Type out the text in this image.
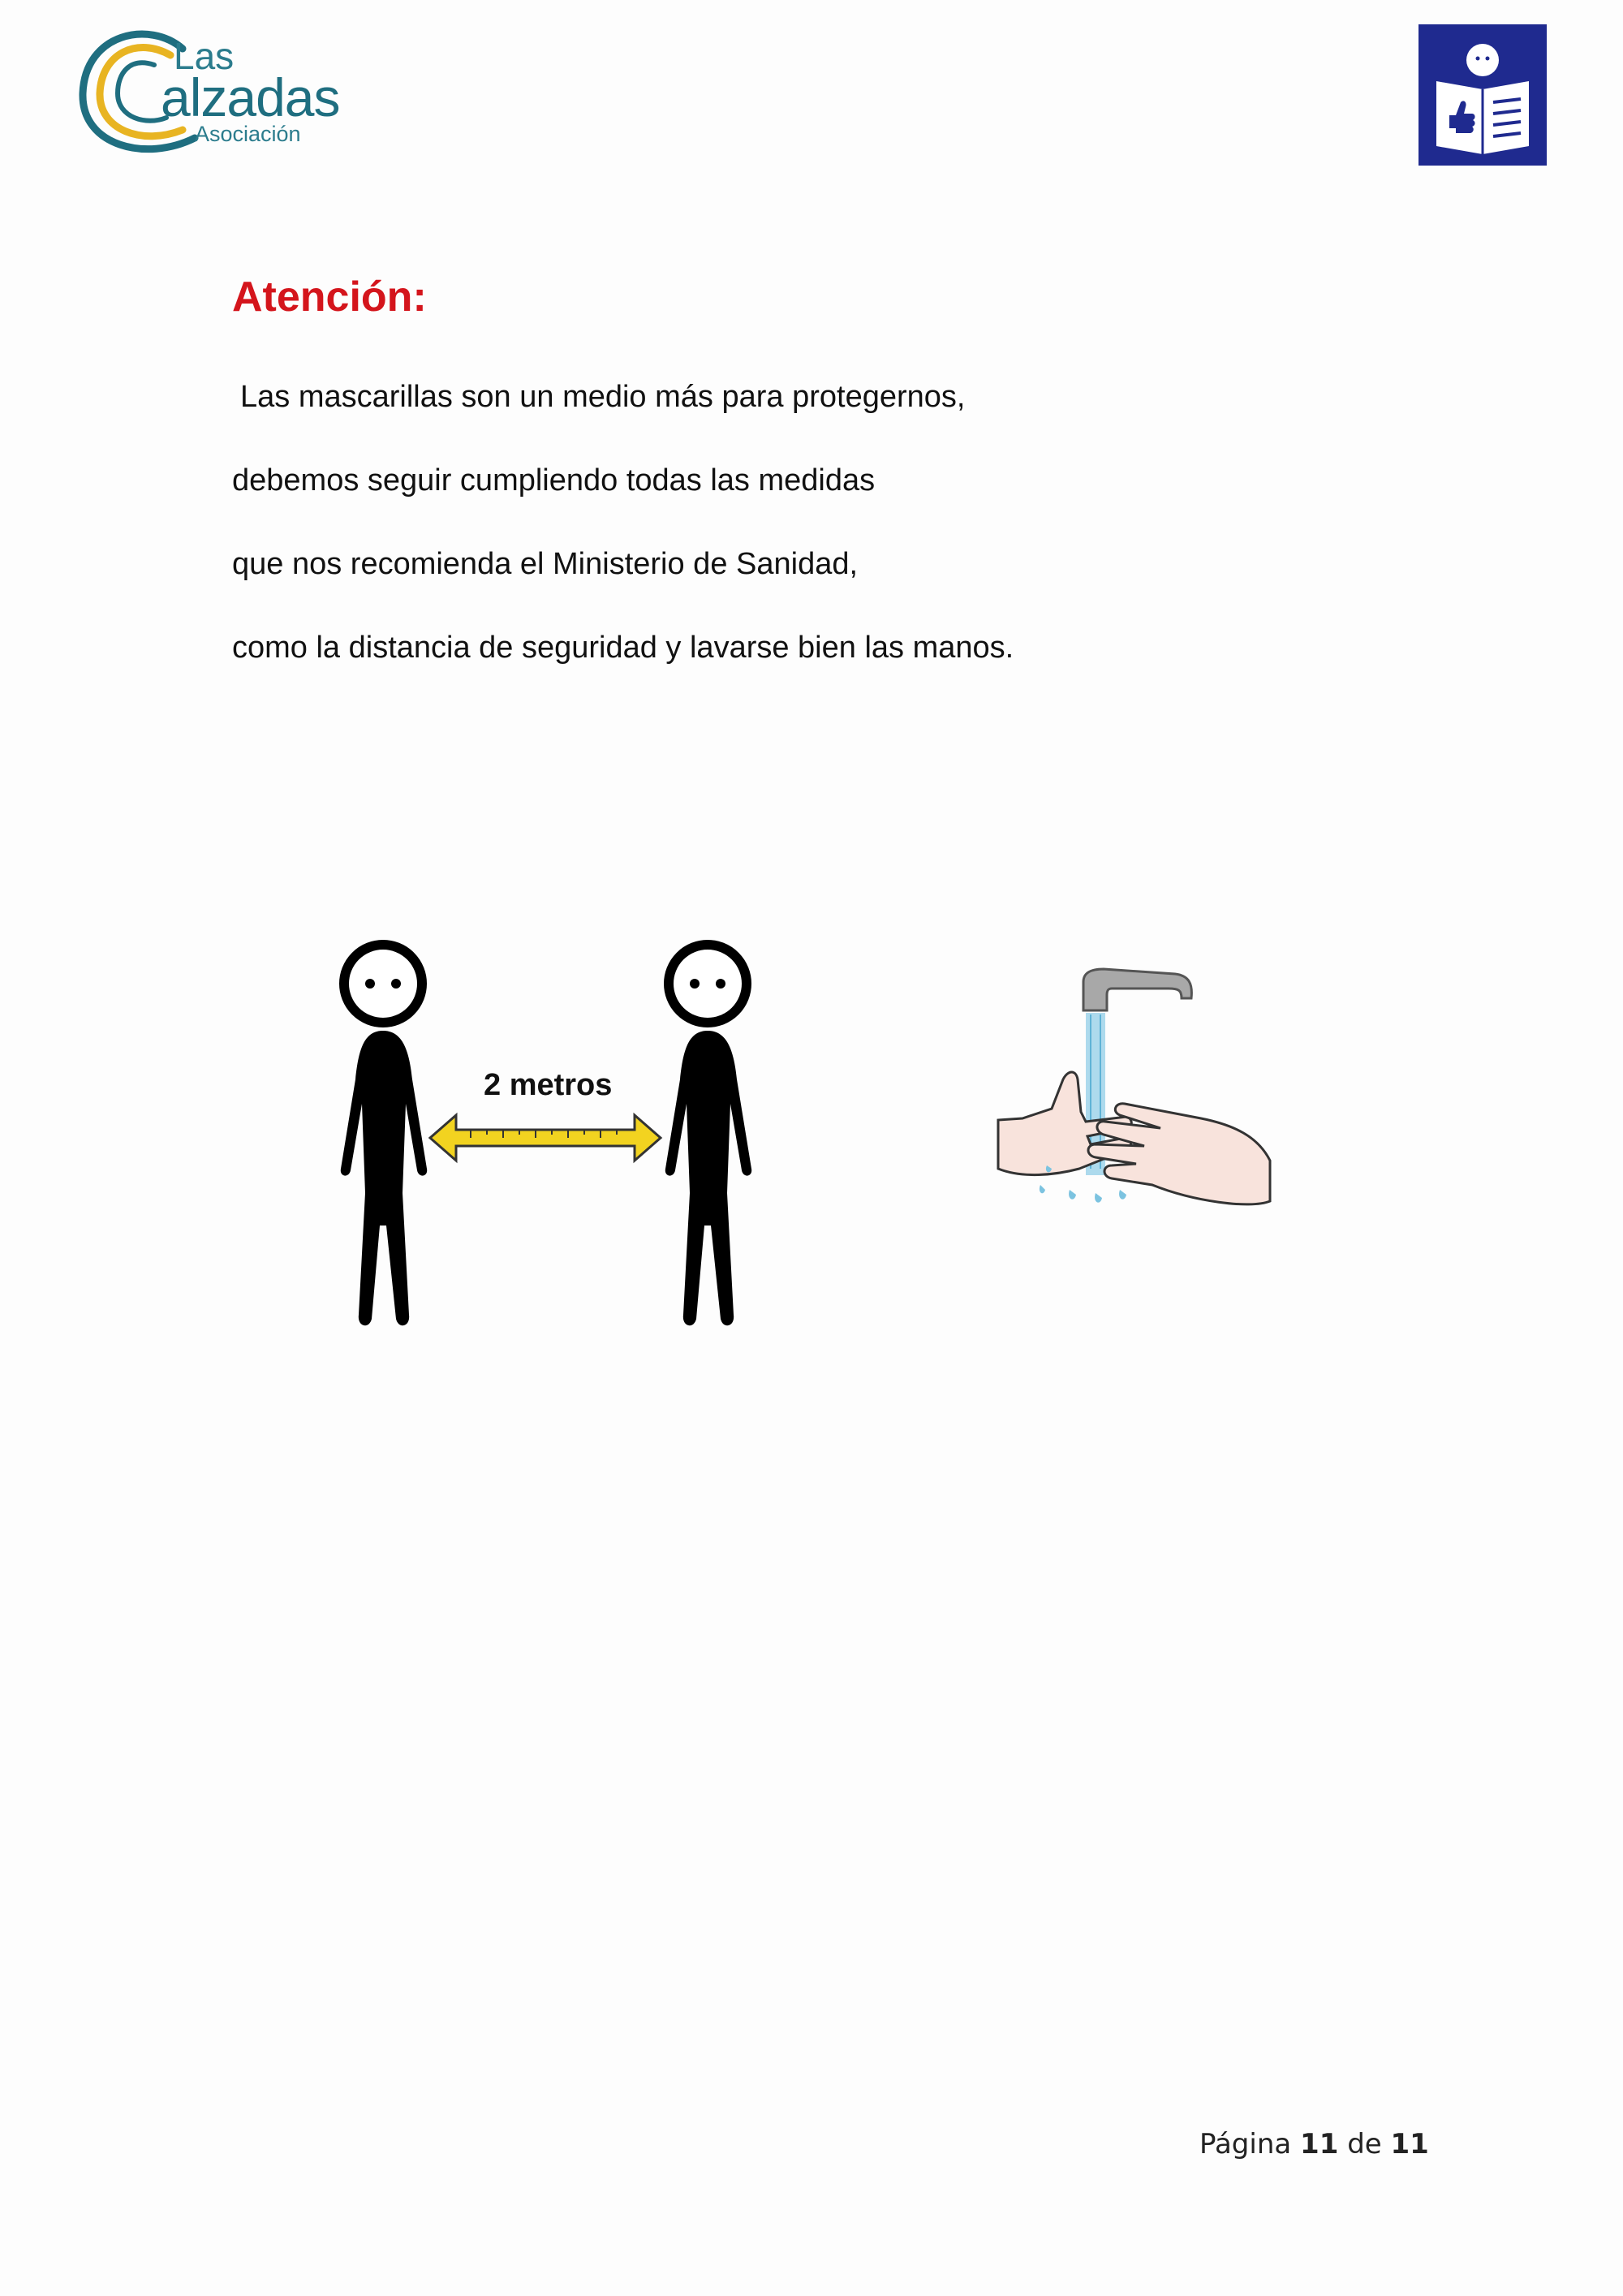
Las
alzadas
Asociación
Atención:
Las mascarillas son un medio más para protegernos,
debemos seguir cumpliendo todas las medidas
que nos recomienda el Ministerio de Sanidad,
como la distancia de seguridad y lavarse bien las manos.
2 metros
Página 11 de 11
